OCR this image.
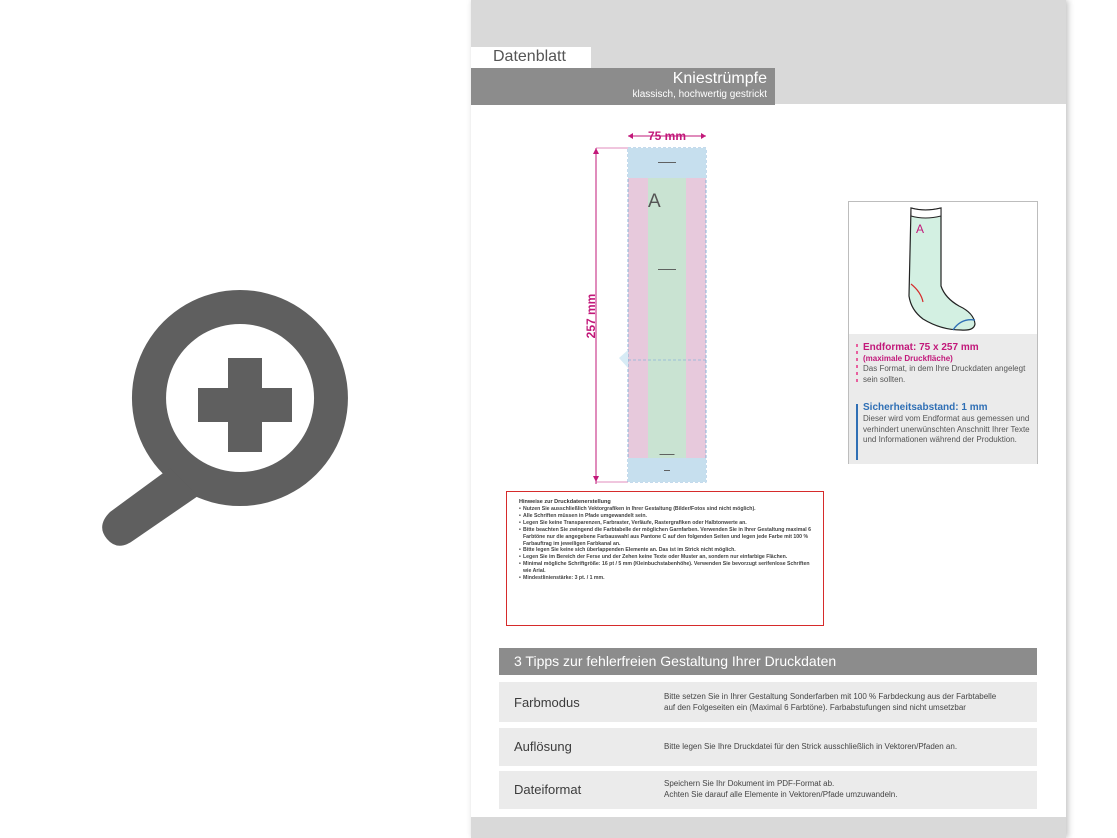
Datenblatt
Kniestrümpfe
klassisch, hochwertig gestrickt
75 mm
257 mm
A
▬▬▬▬▬▬
▬▬▬▬▬▬
▬▬▬▬▬
▬▬
A
Endformat: 75 x 257 mm
(maximale Druckfläche)
Das Format, in dem Ihre Druckdaten angelegt sein sollten.
Sicherheitsabstand: 1 mm
Dieser wird vom Endformat aus gemessen und verhindert unerwünschten Anschnitt Ihrer Texte und Informationen während der Produktion.
Hinweise zur Druckdatenerstellung
• Nutzen Sie ausschließlich Vektorgrafiken in Ihrer Gestaltung (Bilder/Fotos sind nicht möglich).
• Alle Schriften müssen in Pfade umgewandelt sein.
• Legen Sie keine Transparenzen, Farbraster, Verläufe, Rastergrafiken oder Halbtonwerte an.
• Bitte beachten Sie zwingend die Farbtabelle der möglichen Garnfarben. Verwenden Sie in Ihrer Gestaltung maximal 6 Farbtöne nur die angegebene Farbauswahl aus Pantone C auf den folgenden Seiten und legen jede Farbe mit 100 % Farbauftrag im jeweiligen Farbkanal an.
• Bitte legen Sie keine sich überlappenden Elemente an. Das ist im Strick nicht möglich.
• Legen Sie im Bereich der Ferse und der Zehen keine Texte oder Muster an, sondern nur einfarbige Flächen.
• Minimal mögliche Schriftgröße: 16 pt / 5 mm (Kleinbuchstabenhöhe). Verwenden Sie bevorzugt serifenlose Schriften wie Arial.
• Mindestlinienstärke: 3 pt. / 1 mm.
3 Tipps zur fehlerfreien Gestaltung Ihrer Druckdaten
Farbmodus	Bitte setzen Sie in Ihrer Gestaltung Sonderfarben mit 100 % Farbdeckung aus der Farbtabelle
auf den Folgeseiten ein (Maximal 6 Farbtöne). Farbabstufungen sind nicht umsetzbar
Auflösung	Bitte legen Sie Ihre Druckdatei für den Strick ausschließlich in Vektoren/Pfaden an.
Dateiformat	Speichern Sie Ihr Dokument im PDF-Format ab.
Achten Sie darauf alle Elemente in Vektoren/Pfade umzuwandeln.
